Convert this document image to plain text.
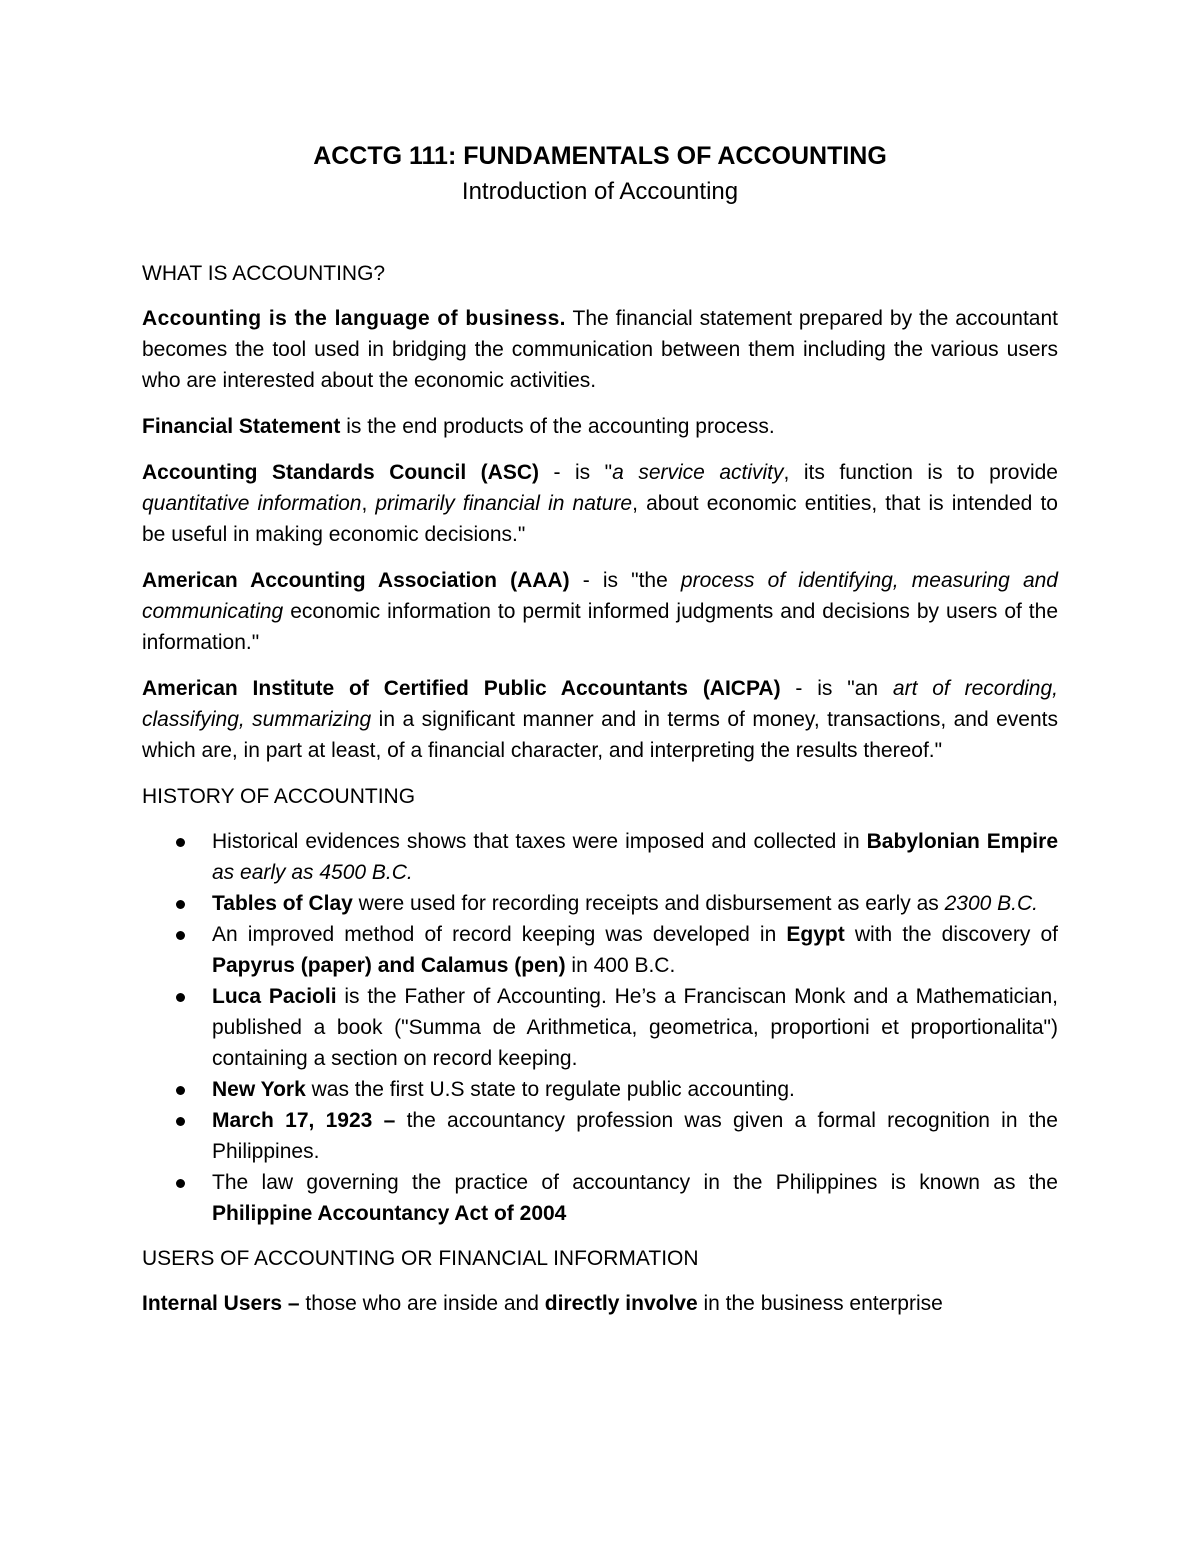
ACCTG 111: FUNDAMENTALS OF ACCOUNTING
Introduction of Accounting
WHAT IS ACCOUNTING?

Accounting is the language of business. The financial statement prepared by the accountant becomes the tool used in bridging the communication between them including the various users who are interested about the economic activities.

Financial Statement is the end products of the accounting process.

Accounting Standards Council (ASC) - is "a service activity, its function is to provide quantitative information, primarily financial in nature, about economic entities, that is intended to be useful in making economic decisions."

American Accounting Association (AAA) - is "the process of identifying, measuring and communicating economic information to permit informed judgments and decisions by users of the information."

American Institute of Certified Public Accountants (AICPA) - is "an art of recording, classifying, summarizing in a significant manner and in terms of money, transactions, and events which are, in part at least, of a financial character, and interpreting the results thereof."

HISTORY OF ACCOUNTING
Historical evidences shows that taxes were imposed and collected in Babylonian Empire as early as 4500 B.C.
Tables of Clay were used for recording receipts and disbursement as early as 2300 B.C.
An improved method of record keeping was developed in Egypt with the discovery of Papyrus (paper) and Calamus (pen) in 400 B.C.
Luca Pacioli is the Father of Accounting. He’s a Franciscan Monk and a Mathematician, published a book ("Summa de Arithmetica, geometrica, proportioni et proportionalita") containing a section on record keeping.
New York was the first U.S state to regulate public accounting.
March 17, 1923 – the accountancy profession was given a formal recognition in the Philippines.
The law governing the practice of accountancy in the Philippines is known as the Philippine Accountancy Act of 2004
USERS OF ACCOUNTING OR FINANCIAL INFORMATION

Internal Users – those who are inside and directly involve in the business enterprise
